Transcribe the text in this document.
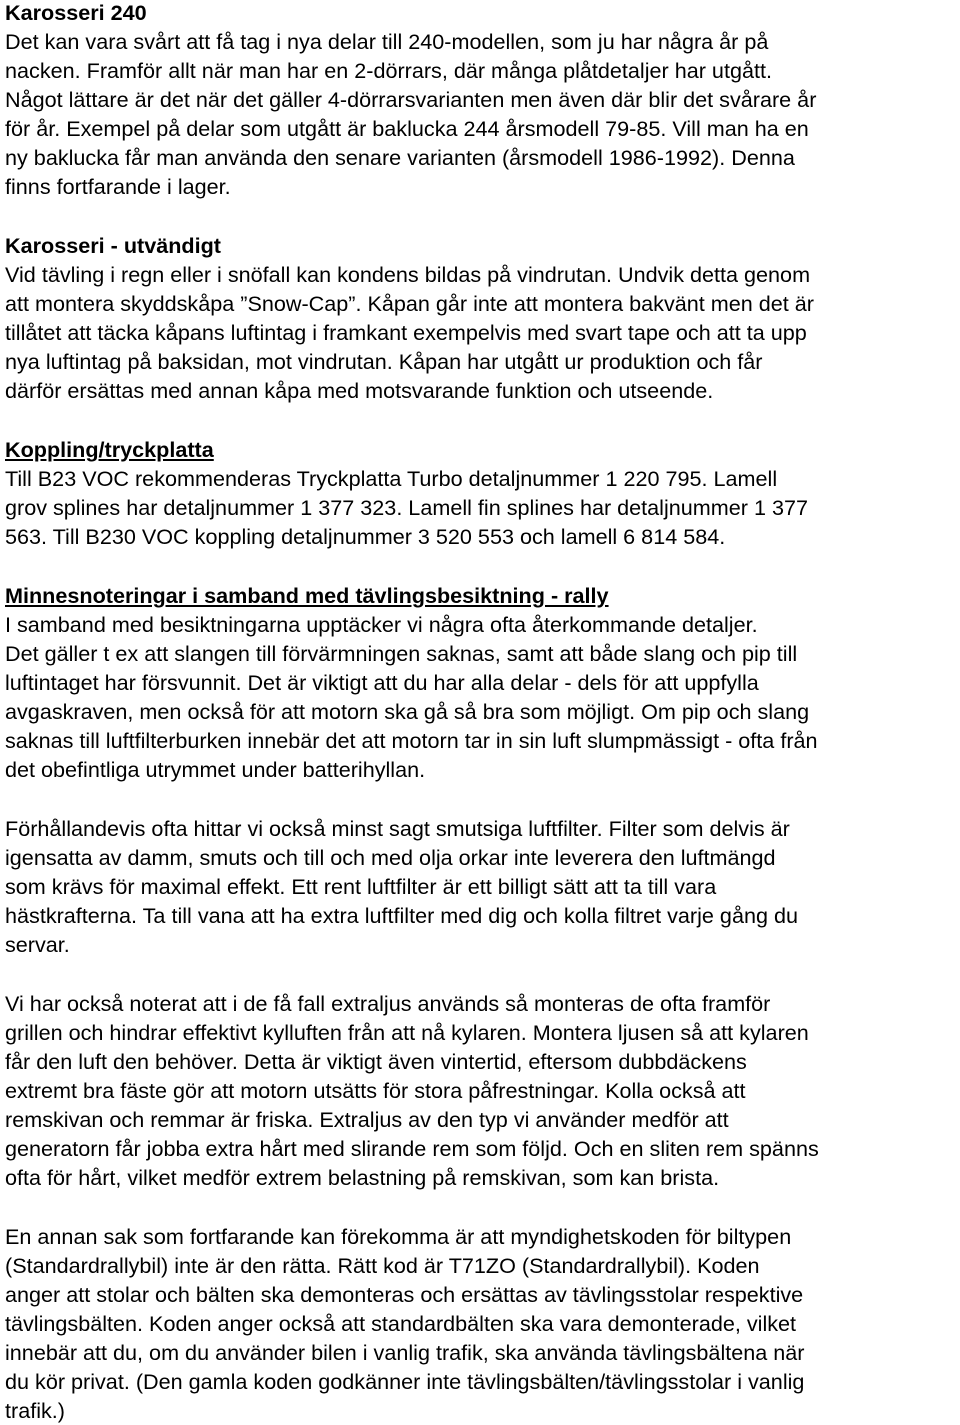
Karosseri 240
Det kan vara svårt att få tag i nya delar till 240-modellen, som ju har några år på
nacken. Framför allt när man har en 2-dörrars, där många plåtdetaljer har utgått.
Något lättare är det när det gäller 4-dörrarsvarianten men även där blir det svårare år
för år. Exempel på delar som utgått är baklucka 244 årsmodell 79-85. Vill man ha en
ny baklucka får man använda den senare varianten (årsmodell 1986-1992). Denna
finns fortfarande i lager.
Karosseri - utvändigt
Vid tävling i regn eller i snöfall kan kondens bildas på vindrutan. Undvik detta genom
att montera skyddskåpa ”Snow-Cap”. Kåpan går inte att montera bakvänt men det är
tillåtet att täcka kåpans luftintag i framkant exempelvis med svart tape och att ta upp
nya luftintag på baksidan, mot vindrutan. Kåpan har utgått ur produktion och får
därför ersättas med annan kåpa med motsvarande funktion och utseende.
Koppling/tryckplatta
Till B23 VOC rekommenderas Tryckplatta Turbo detaljnummer 1 220 795. Lamell
grov splines har detaljnummer 1 377 323. Lamell fin splines har detaljnummer 1 377
563. Till B230 VOC koppling detaljnummer 3 520 553 och lamell 6 814 584.
Minnesnoteringar i samband med tävlingsbesiktning - rally
I samband med besiktningarna upptäcker vi några ofta återkommande detaljer.
Det gäller t ex att slangen till förvärmningen saknas, samt att både slang och pip till
luftintaget har försvunnit. Det är viktigt att du har alla delar - dels för att uppfylla
avgaskraven, men också för att motorn ska gå så bra som möjligt. Om pip och slang
saknas till luftfilterburken innebär det att motorn tar in sin luft slumpmässigt - ofta från
det obefintliga utrymmet under batterihyllan.
Förhållandevis ofta hittar vi också minst sagt smutsiga luftfilter. Filter som delvis är
igensatta av damm, smuts och till och med olja orkar inte leverera den luftmängd
som krävs för maximal effekt. Ett rent luftfilter är ett billigt sätt att ta till vara
hästkrafterna. Ta till vana att ha extra luftfilter med dig och kolla filtret varje gång du
servar.
Vi har också noterat att i de få fall extraljus används så monteras de ofta framför
grillen och hindrar effektivt kylluften från att nå kylaren. Montera ljusen så att kylaren
får den luft den behöver. Detta är viktigt även vintertid, eftersom dubbdäckens
extremt bra fäste gör att motorn utsätts för stora påfrestningar. Kolla också att
remskivan och remmar är friska. Extraljus av den typ vi använder medför att
generatorn får jobba extra hårt med slirande rem som följd. Och en sliten rem spänns
ofta för hårt, vilket medför extrem belastning på remskivan, som kan brista.
En annan sak som fortfarande kan förekomma är att myndighetskoden för biltypen
(Standardrallybil) inte är den rätta. Rätt kod är T71ZO (Standardrallybil). Koden
anger att stolar och bälten ska demonteras och ersättas av tävlingsstolar respektive
tävlingsbälten. Koden anger också att standardbälten ska vara demonterade, vilket
innebär att du, om du använder bilen i vanlig trafik, ska använda tävlingsbältena när
du kör privat. (Den gamla koden godkänner inte tävlingsbälten/tävlingsstolar i vanlig
trafik.)
